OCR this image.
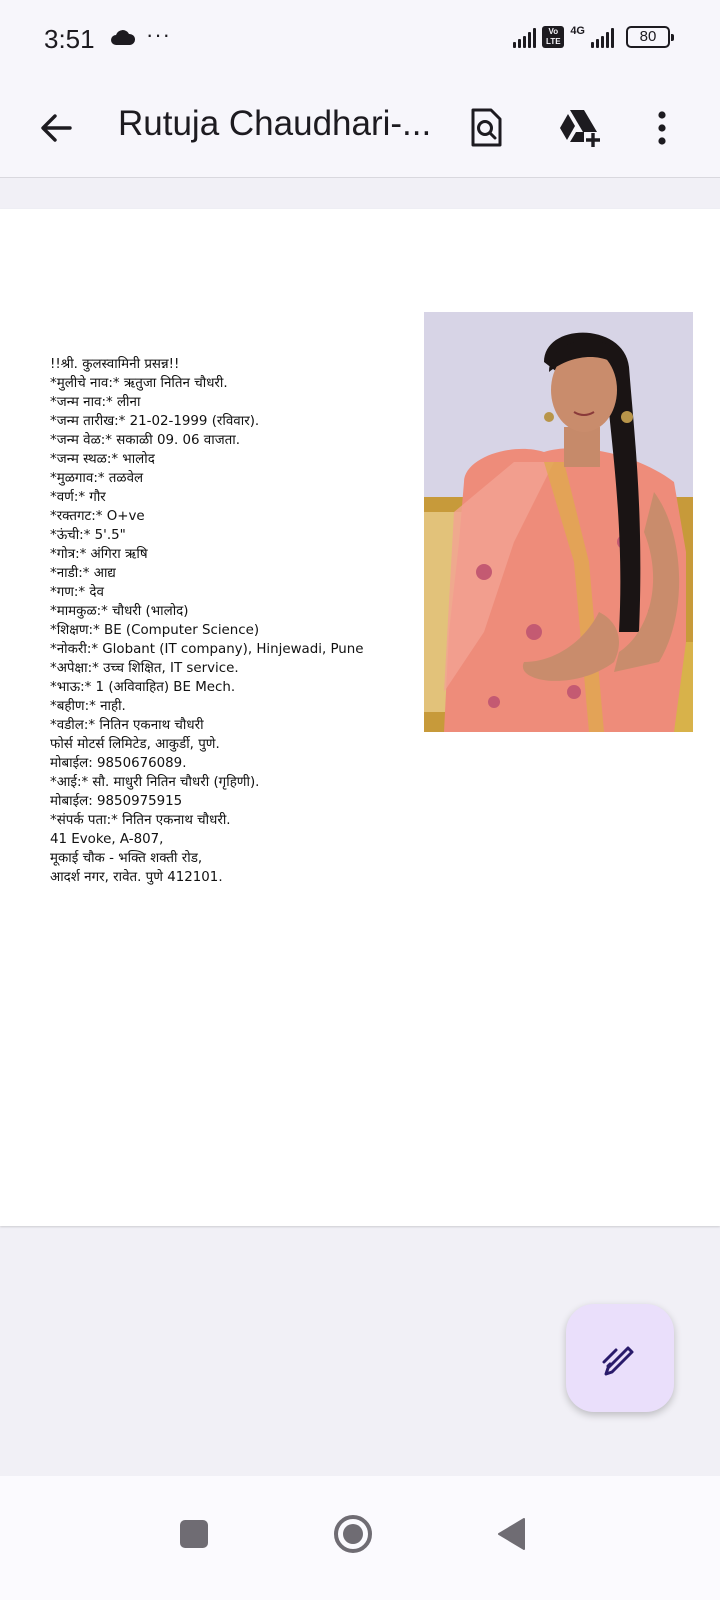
3:51 ···	Vo LTE
4G	80
Rutuja Chaudhari-...
!!श्री. कुलस्वामिनी प्रसन्न!!
*मुलीचे नाव:* ऋतुजा नितिन चौधरी.
*जन्म नाव:* लीना
*जन्म तारीख:* 21-02-1999 (रविवार).
*जन्म वेळ:* सकाळी 09. 06 वाजता.
*जन्म स्थळ:* भालोद
*मुळगाव:* तळवेल
*वर्ण:* गौर
*रक्तगट:* O+ve
*ऊंची:* 5'.5"
*गोत्र:* अंगिरा ऋषि
*नाडी:* आद्य
*गण:* देव
*मामकुळ:* चौधरी (भालोद)
*शिक्षण:* BE (Computer Science)
*नोकरी:* Globant (IT company), Hinjewadi, Pune
*अपेक्षा:* उच्च शिक्षित, IT service.
*भाऊ:* 1 (अविवाहित) BE Mech.
*बहीण:* नाही.
*वडील:* नितिन एकनाथ चौधरी
फोर्स मोटर्स लिमिटेड, आकुर्डी, पुणे.
मोबाईल: 9850676089.
*आई:* सौ. माधुरी नितिन चौधरी (गृहिणी).
मोबाईल: 9850975915
*संपर्क पता:* नितिन एकनाथ चौधरी.
41 Evoke, A-807,
मूकाई चौक - भक्ति शक्ती रोड,
आदर्श नगर, रावेत. पुणे 412101.
